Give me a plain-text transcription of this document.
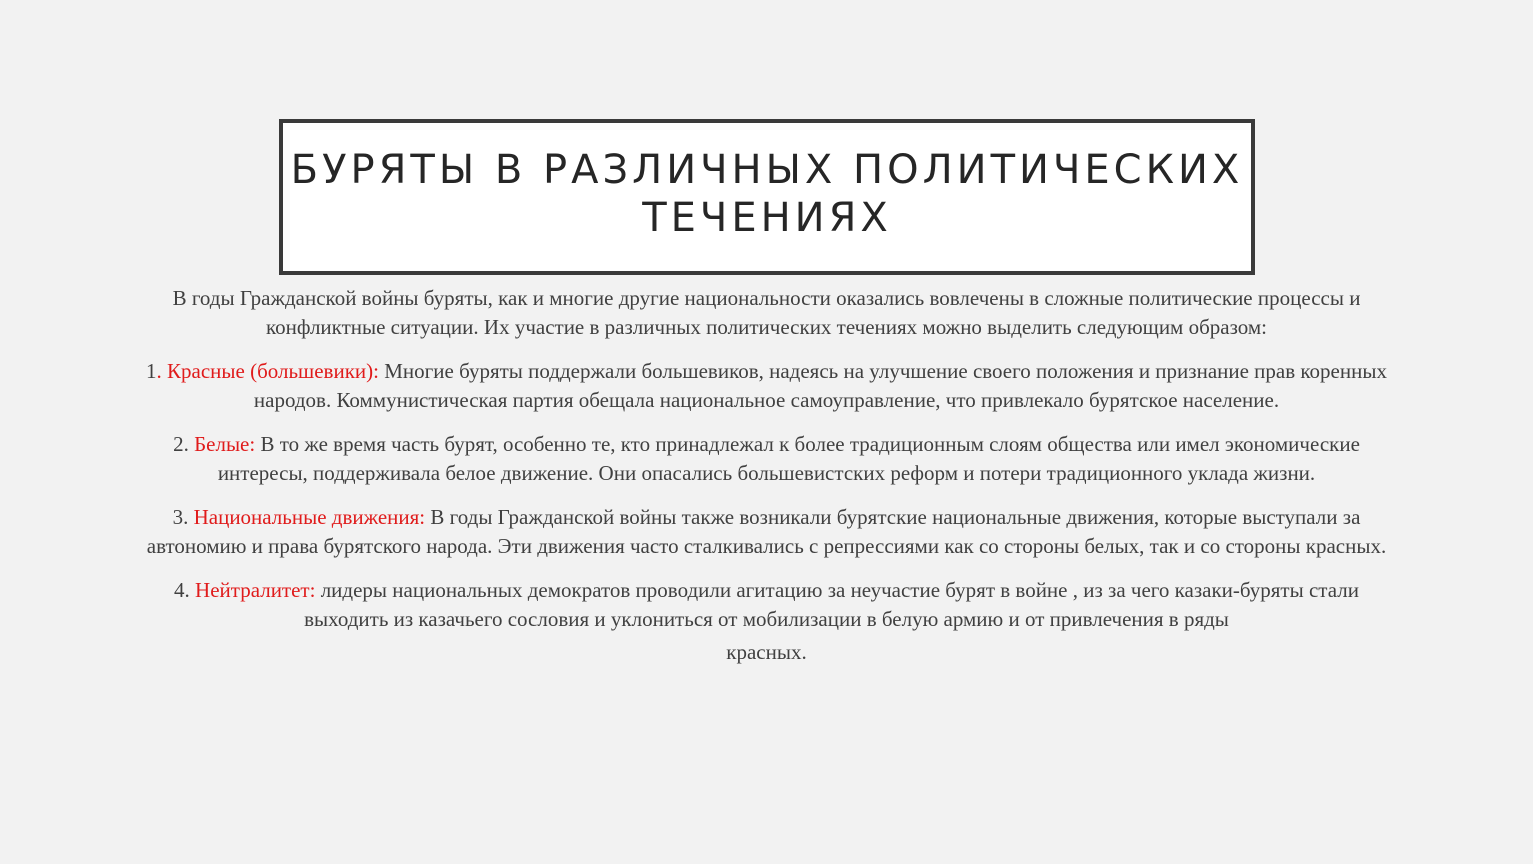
БУРЯТЫ В РАЗЛИЧНЫХ ПОЛИТИЧЕСКИХ
ТЕЧЕНИЯХ

В годы Гражданской войны буряты, как и многие другие национальности оказались вовлечены в сложные политические процессы и конфликтные ситуации. Их участие в различных политических течениях можно выделить следующим образом:

1. Красные (большевики): Многие буряты поддержали большевиков, надеясь на улучшение своего положения и признание прав коренных народов. Коммунистическая партия обещала национальное самоуправление, что привлекало бурятское население.

2. Белые: В то же время часть бурят, особенно те, кто принадлежал к более традиционным слоям общества или имел экономические интересы, поддерживала белое движение. Они опасались большевистских реформ и потери традиционного уклада жизни.

3. Национальные движения: В годы Гражданской войны также возникали бурятские национальные движения, которые выступали за автономию и права бурятского народа. Эти движения часто сталкивались с репрессиями как со стороны белых, так и со стороны красных.

4. Нейтралитет: лидеры национальных демократов проводили агитацию за неучастие бурят в войне , из за чего казаки-буряты стали выходить из казачьего сословия и уклониться от мобилизации в белую армию и от привлечения в ряды
красных.
